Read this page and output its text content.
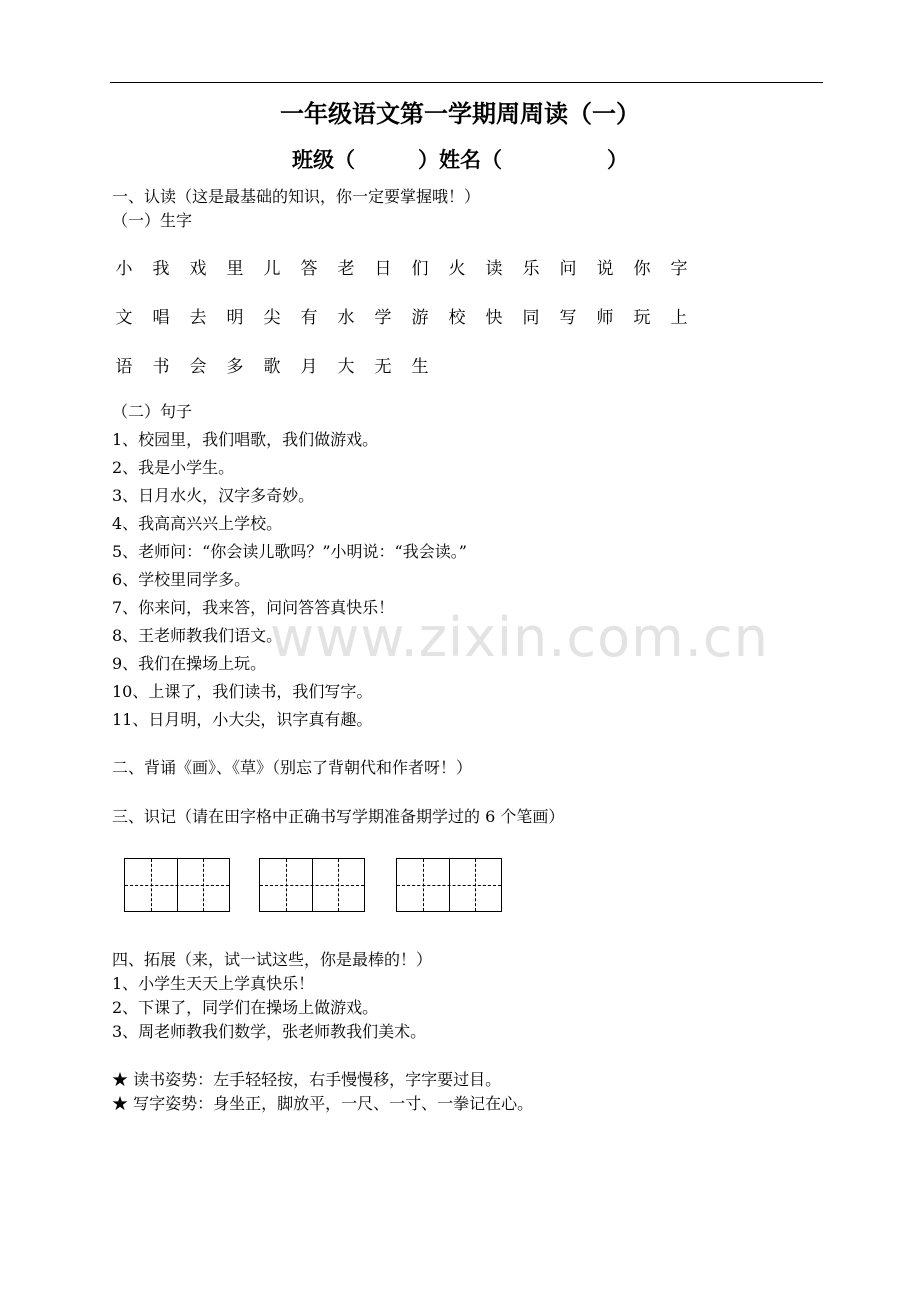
一年级语文第一学期周周读（一）
班级（　　　）姓名（　　　　　）
一、认读（这是最基础的知识，你一定要掌握哦！）
（一）生字
小 我 戏 里 儿 答 老 日 们 火 读 乐 问 说 你 字
文 唱 去 明 尖 有 水 学 游 校 快 同 写 师 玩 上
语 书 会 多 歌 月 大 无 生
（二）句子
1、校园里，我们唱歌，我们做游戏。
2、我是小学生。
3、日月水火，汉字多奇妙。
4、我高高兴兴上学校。
5、老师问：“你会读儿歌吗？”小明说：“我会读。”
6、学校里同学多。
7、你来问，我来答，问问答答真快乐！
8、王老师教我们语文。
9、我们在操场上玩。
10、上课了，我们读书，我们写字。
11、日月明，小大尖，识字真有趣。
二、背诵《画》、《草》（别忘了背朝代和作者呀！）
三、识记（请在田字格中正确书写学期准备期学过的 6 个笔画）
四、拓展（来，试一试这些，你是最棒的！）
1、小学生天天上学真快乐！
2、下课了，同学们在操场上做游戏。
3、周老师教我们数学，张老师教我们美术。
★ 读书姿势：左手轻轻按，右手慢慢移，字字要过目。
★ 写字姿势：身坐正，脚放平，一尺、一寸、一拳记在心。
www.zixin.com.cn
